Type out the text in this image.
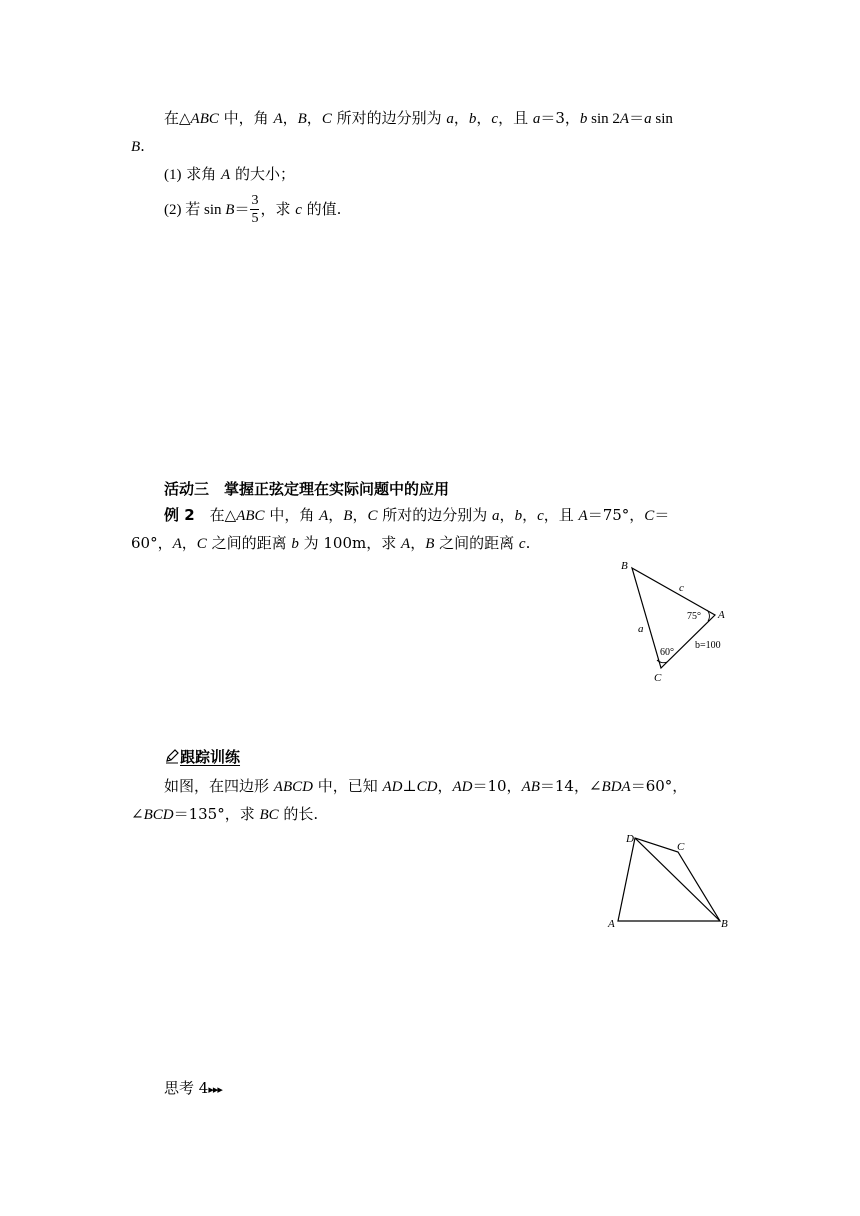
在△ABC 中，角 A，B，C 所对的边分别为 a，b，c，且 a＝3，b sin 2A＝a sin
B.
(1) 求角 A 的大小；
(2) 若 $\sin B= \frac{3}{5}$ ，求 c 的值.
活动三　掌握正弦定理在实际问题中的应用
例 2　在△ABC 中，角 A，B，C 所对的边分别为 a，b，c，且 A＝75°，C＝
60°，A，C 之间的距离 b 为 100m，求 A，B 之间的距离 c.
B
A
C
c
a
b=100
75°
60°
跟踪训练
如图，在四边形 ABCD 中，已知 AD⊥CD，AD＝10，AB＝14，∠BDA＝60°，
∠BCD＝135°，求 BC 的长.
D
C
A	B
思考 4▸▸▸
